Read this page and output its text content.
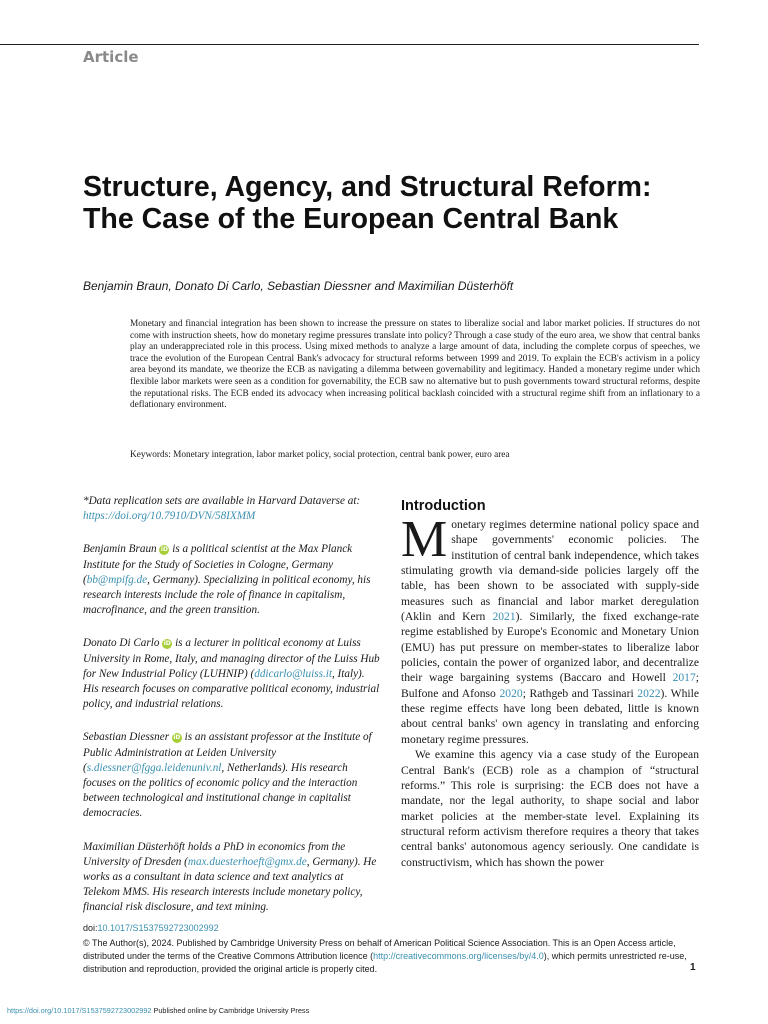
Article
Structure, Agency, and Structural Reform: The Case of the European Central Bank
Benjamin Braun, Donato Di Carlo, Sebastian Diessner and Maximilian Düsterhöft

Monetary and financial integration has been shown to increase the pressure on states to liberalize social and labor market policies. If structures do not come with instruction sheets, how do monetary regime pressures translate into policy? Through a case study of the euro area, we show that central banks play an underappreciated role in this process. Using mixed methods to analyze a large amount of data, including the complete corpus of speeches, we trace the evolution of the European Central Bank's advocacy for structural reforms between 1999 and 2019. To explain the ECB's activism in a policy area beyond its mandate, we theorize the ECB as navigating a dilemma between governability and legitimacy. Handed a monetary regime under which flexible labor markets were seen as a condition for governability, the ECB saw no alternative but to push governments toward structural reforms, despite the reputational risks. The ECB ended its advocacy when increasing political backlash coincided with a structural regime shift from an inflationary to a deflationary environment.

Keywords: Monetary integration, labor market policy, social protection, central bank power, euro area

*Data replication sets are available in Harvard Dataverse at: https://doi.org/10.7910/DVN/58IXMM

Benjamin Braun iD is a political scientist at the Max Planck Institute for the Study of Societies in Cologne, Germany (bb@mpifg.de, Germany). Specializing in political economy, his research interests include the role of finance in capitalism, macrofinance, and the green transition.

Donato Di Carlo iD is a lecturer in political economy at Luiss University in Rome, Italy, and managing director of the Luiss Hub for New Industrial Policy (LUHNIP) (ddicarlo@luiss.it, Italy). His research focuses on comparative political economy, industrial policy, and industrial relations.

Sebastian Diessner iD is an assistant professor at the Institute of Public Administration at Leiden University (s.diessner@fgga.leidenuniv.nl, Netherlands). His research focuses on the politics of economic policy and the interaction between technological and institutional change in capitalist democracies.

Maximilian Düsterhöft holds a PhD in economics from the University of Dresden (max.duesterhoeft@gmx.de, Germany). He works as a consultant in data science and text analytics at Telekom MMS. His research interests include monetary policy, financial risk disclosure, and text mining.

Introduction

Monetary regimes determine national policy space and shape governments' economic policies. The institution of central bank independence, which takes stimulating growth via demand-side policies largely off the table, has been shown to be associated with supply-side measures such as financial and labor market deregulation (Aklin and Kern 2021). Similarly, the fixed exchange-rate regime established by Europe's Economic and Monetary Union (EMU) has put pressure on member-states to liberalize labor policies, contain the power of organized labor, and decentralize their wage bargaining systems (Baccaro and Howell 2017; Bulfone and Afonso 2020; Rathgeb and Tassinari 2022). While these regime effects have long been debated, little is known about central banks' own agency in translating and enforcing monetary regime pressures.

We examine this agency via a case study of the European Central Bank's (ECB) role as a champion of “structural reforms.” This role is surprising: the ECB does not have a mandate, nor the legal authority, to shape social and labor market policies at the member-state level. Explaining its structural reform activism therefore requires a theory that takes central banks' autonomous agency seriously. One candidate is constructivism, which has shown the power

doi:10.1017/S1537592723002992

© The Author(s), 2024. Published by Cambridge University Press on behalf of American Political Science Association. This is an Open Access article, distributed under the terms of the Creative Commons Attribution licence (http://creativecommons.org/licenses/by/4.0), which permits unrestricted re-use, distribution and reproduction, provided the original article is properly cited.	1
https://doi.org/10.1017/S1537592723002992 Published online by Cambridge University Press
